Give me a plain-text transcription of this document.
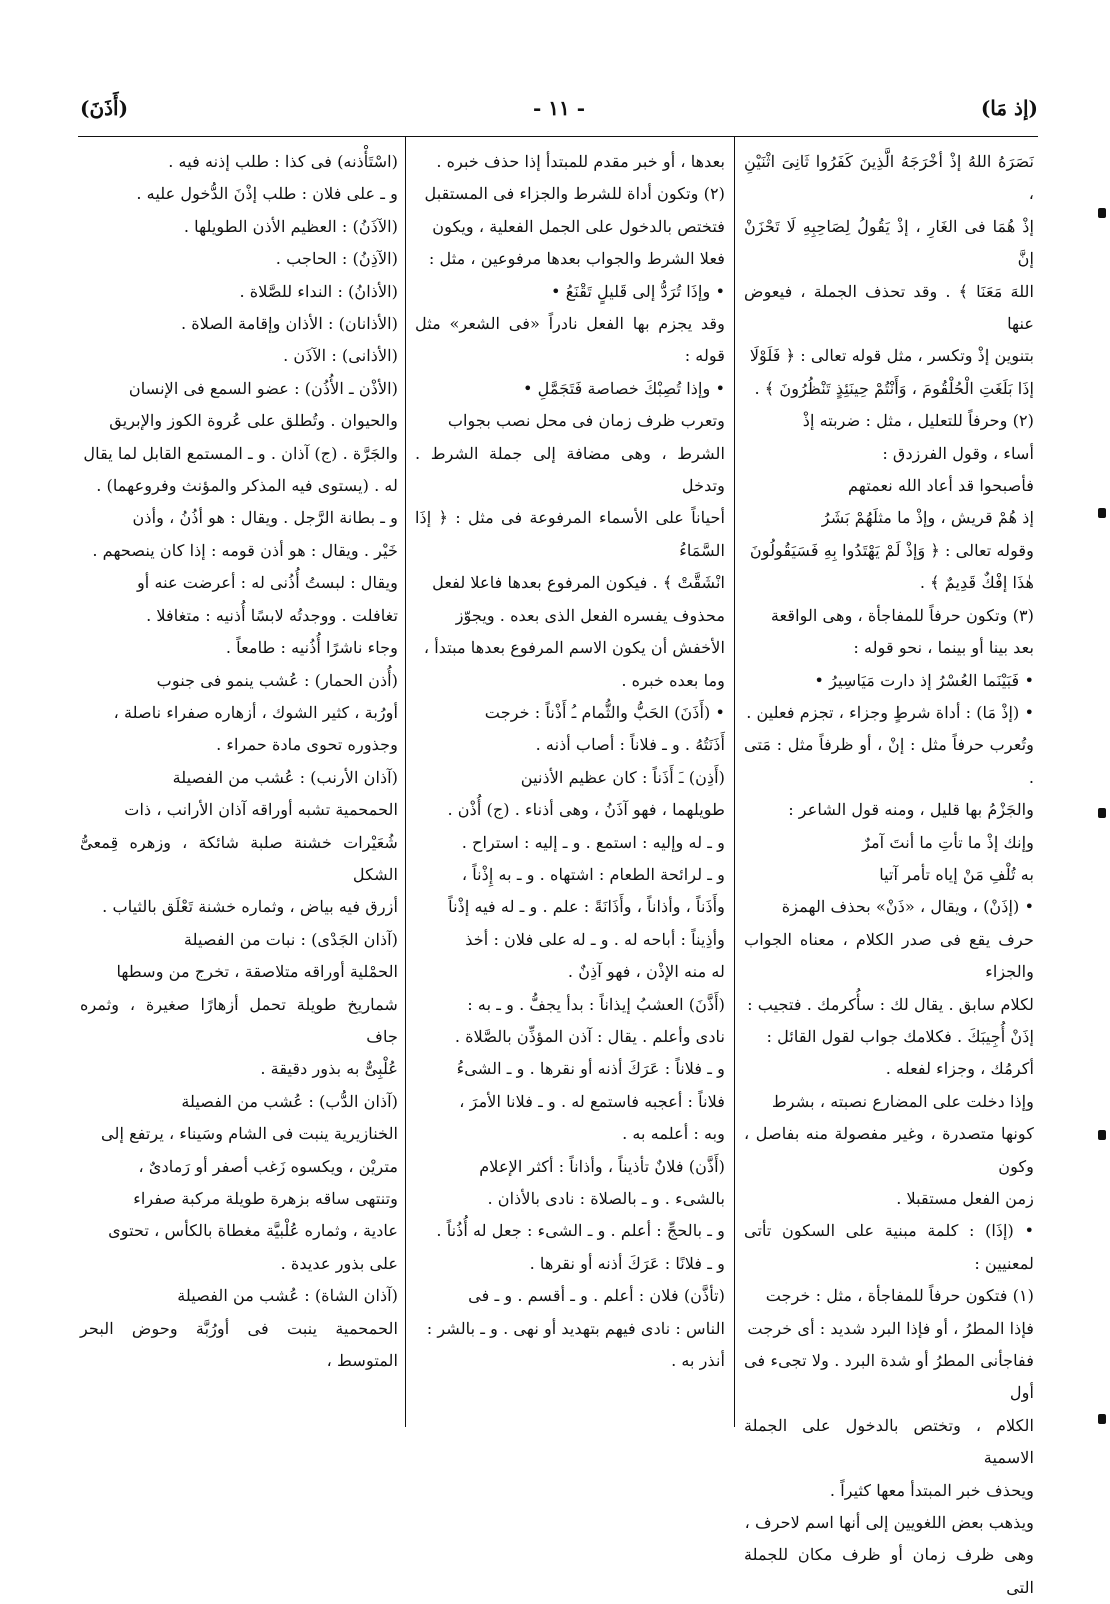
(إذ مَا)
- ١١ -
(أَذَنَ)

نَصَرَهُ اللهُ إذْ أخْرَجَهُ الَّذِينَ كَفَرُوا ثَانِىَ اثْنَيْنِ ،

إذْ هُمَا فى الغَارِ ، إذْ يَقُولُ لِصَاحِبِهِ لَا تَحْزَنْ إنَّ

اللهَ مَعَنَا ﴾ . وقد تحذف الجملة ، فيعوض عنها

بتنوين إذْ وتكسر ، مثل قوله تعالى : ﴿ فَلَوْلَا

إذَا بَلَغَتِ الْحُلْقُومَ ، وَأَنْتُمْ حِينَئِذٍ تَنْظُرُونَ ﴾ .

(٢) وحرفاً للتعليل ، مثل : ضربته إذْ

أساء ، وقول الفرزدق :

فأصبحوا قد أعاد الله نعمتهم

إذ هُمْ قريش ، وإذْ ما مثلَهُمْ بَشَرُ

وقوله تعالى : ﴿ وَإذْ لَمْ يَهْتَدُوا بِهِ فَسَيَقُولُونَ

هٰذَا إفْكٌ قَدِيمٌ ﴾ .

(٣) وتكون حرفاً للمفاجأة ، وهى الواقعة

بعد بينا أو بينما ، نحو قوله :

• فَبَيْنَما العُسْرُ إذ دارت مَيَاسِيرُ •

• (إذْ مَا) : أداة شرطٍ وجزاء ، تجزم فعلين .

وتُعرب حرفاً مثل : إنْ ، أو ظرفاً مثل : مَتى .

والجَزْمُ بها قليل ، ومنه قول الشاعر :

وإنك إذْ ما تأتِ ما أنتَ آمرٌ

به تُلْفِ مَنْ إياه تأمر آتيا

• (إذَنْ) ، ويقال ، «ذَنْ» بحذف الهمزة

حرف يقع فى صدر الكلام ، معناه الجواب والجزاء

لكلام سابق . يقال لك : سأُكرمك . فتجيب :

إذَنْ أُجِيبَكَ . فكلامك جواب لقول القائل :

أكرمُك ، وجزاء لفعله .

وإذا دخلت على المضارع نصبته ، بشرط

كونها متصدرة ، وغير مفصولة منه بفاصل ، وكون

زمن الفعل مستقبلا .

• (إذَا) : كلمة مبنية على السكون تأتى لمعنيين :

(١) فتكون حرفاً للمفاجأة ، مثل : خرجت

فإذا المطرُ ، أو فإذا البرد شديد : أى خرجت

ففاجأنى المطرُ أو شدة البرد . ولا تجىء فى أول

الكلام ، وتختص بالدخول على الجملة الاسمية

ويحذف خبر المبتدأ معها كثيراً .

ويذهب بعض اللغويين إلى أنها اسم لاحرف ،

وهى ظرف زمان أو ظرف مكان للجملة التى

بعدها ، أو خبر مقدم للمبتدأ إذا حذف خبره .

(٢) وتكون أداة للشرط والجزاء فى المستقبل

فتختص بالدخول على الجمل الفعلية ، ويكون

فعلا الشرط والجواب بعدها مرفوعين ، مثل :

• وإذَا تُرَدُّ إلى قَليلٍ تَقْنَعُ •

وقد يجزم بها الفعل نادراً «فى الشعر» مثل قوله :

• وإذا تُصِبْكَ خصاصة فَتَجَمَّلِ •

وتعرب ظرف زمان فى محل نصب بجواب

الشرط ، وهى مضافة إلى جملة الشرط . وتدخل

أحياناً على الأسماء المرفوعة فى مثل : ﴿ إذَا السَّمَاءُ

انْشَقَّتْ ﴾ . فيكون المرفوع بعدها فاعلا لفعل

محذوف يفسره الفعل الذى بعده . ويجوّز

الأخفش أن يكون الاسم المرفوع بعدها مبتدأ ،

وما بعده خبره .

• (أَذَنَ) الحَبُّ والثُّمام ـُ أَذْناً : خرجت

أَذَنَتُهُ . و ـ فلاناً : أصاب أذنه .

(أَذِن) ـَ أَذَناً : كان عظيم الأذنين

طويلهما ، فهو آذَنُ ، وهى أذناء . (ج) أُذْن .

و ـ له وإليه : استمع . و ـ إليه : استراح .

و ـ لرائحة الطعام : اشتهاه . و ـ به إِذْناً ،

وأَذَناً ، وأذاناً ، وأَذَانَةً : علم . و ـ له فيه إذْناً

وأذِيناً : أباحه له . و ـ له على فلان : أخذ

له منه الإذْن ، فهو آذِنٌ .

(أَذَّنَ) العشبُ إيذاناً : بدأ يجفُّ . و ـ به :

نادى وأعلم . يقال : آذن المؤذِّن بالصَّلاة .

و ـ فلاناً : عَرَكَ أذنه أو نقرها . و ـ الشىءُ

فلاناً : أعجبه فاستمع له . و ـ فلانا الأمرَ ،

وبه : أعلمه به .

(أَذَّن) فلانٌ تأذيناً ، وأذاناً : أكثر الإعلام

بالشىء . و ـ بالصلاة : نادى بالأذان .

و ـ بالحجِّ : أعلم . و ـ الشىء : جعل له أُذُناً .

و ـ فلانًا : عَرَكَ أذنه أو نقرها .

(تأذَّن) فلان : أعلم . و ـ أقسم . و ـ فى

الناس : نادى فيهم بتهديد أو نهى . و ـ بالشر :

أنذر به .

(اسْتَأْذنه) فى كذا : طلب إذنه فيه .

و ـ على فلان : طلب إذْنَ الدُّخول عليه .

(الآذَنُ) : العظيم الأذن الطويلها .

(الآذِنُ) : الحاجب .

(الأذانُ) : النداء للصَّلاة .

(الأذانان) : الأذان وإقامة الصلاة .

(الأذانى) : الآذَن .

(الأذْن ـ الأُذُن) : عضو السمع فى الإنسان

والحيوان . وتُطلق على عُروة الكوز والإبريق

والجَرَّة . (ج) آذان . و ـ المستمع القابل لما يقال

له . (يستوى فيه المذكر والمؤنث وفروعهما) .

و ـ بطانة الرَّجل . ويقال : هو أذُنُ ، وأذن

خَيْر . ويقال : هو أذن قومه : إذا كان ينصحهم .

ويقال : لبستُ أُذُنى له : أعرضت عنه أو

تغافلت . ووجدتُه لابسًا أُذنيه : متغافلا .

وجاء ناشرًا أُذُنيه : طامعاً .

(أُذن الحمار) : عُشب ينمو فى جنوب

أورُبة ، كثير الشوك ، أزهاره صفراء ناصلة ،

وجذوره تحوى مادة حمراء .

(آذان الأرنب) : عُشب من الفصيلة

الحمحمية تشبه أوراقه آذان الأرانب ، ذات

شُعَيْرات خشنة صلبة شائكة ، وزهره قِمعىُّ الشكل

أزرق فيه بياض ، وثماره خشنة تَعْلَق بالثياب .

(آذان الجَدْى) : نبات من الفصيلة

الحمْلية أوراقه متلاصقة ، تخرج من وسطها

شماريخ طويلة تحمل أزهارًا صغيرة ، وثمره جاف

عُلْبِىٌّ به بذور دقيقة .

(آذان الدُّب) : عُشب من الفصيلة

الخنازيرية ينبت فى الشام وسَيناء ، يرتفع إلى

متريْن ، ويكسوه زَغب أصفر أو رَمادىٌ ،

وتنتهى ساقه بزهرة طويلة مركبة صفراء

عادية ، وثماره عُلْبيَّة مغطاة بالكأس ، تحتوى

على بذور عديدة .

(آذان الشاة) : عُشب من الفصيلة

الحمحمية ينبت فى أورُبَّة وحوض البحر المتوسط ،
